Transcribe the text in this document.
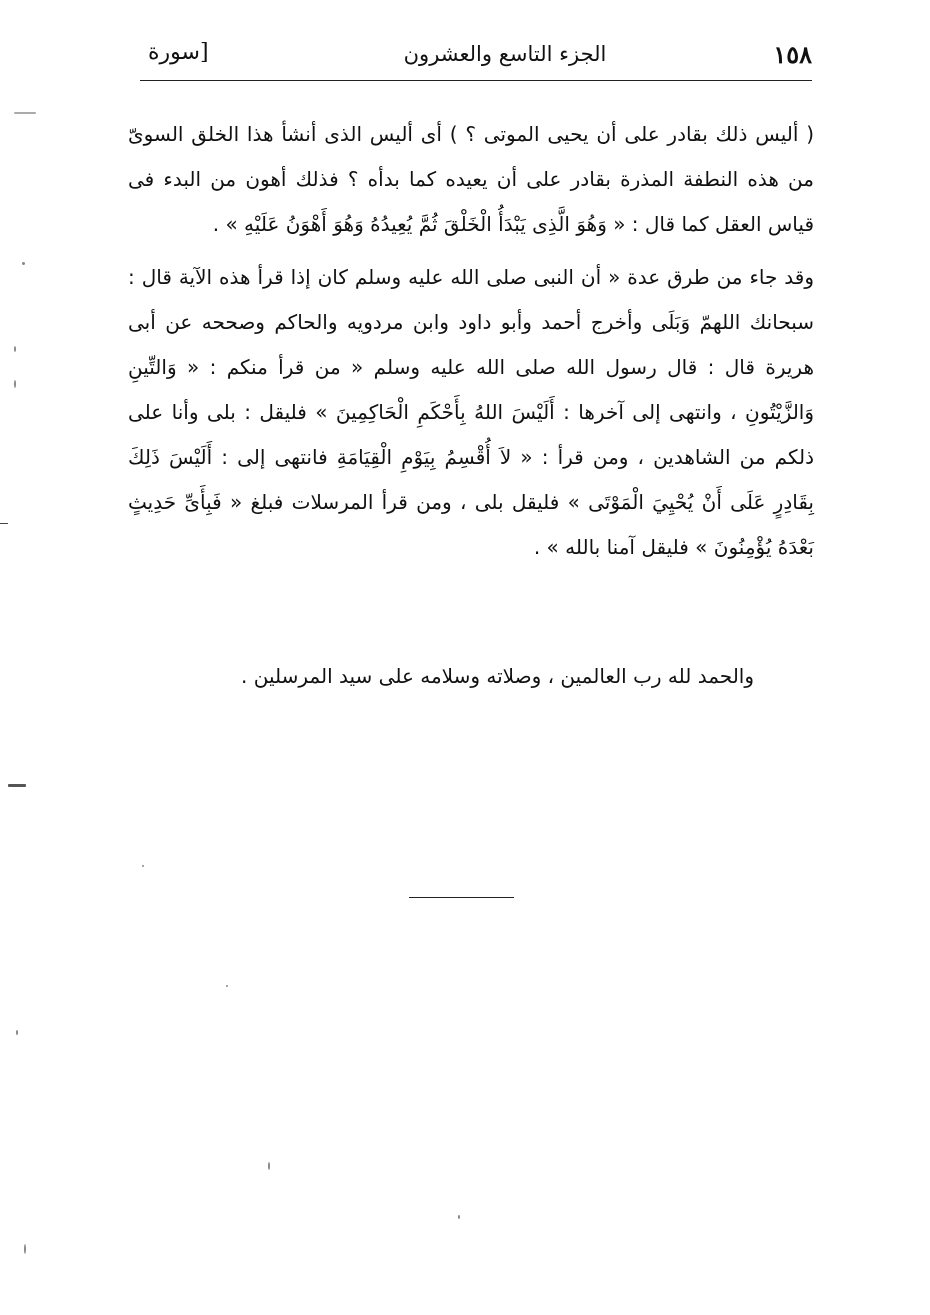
[سورة	الجزء التاسع والعشرون	١٥٨

( أليس ذلك بقادر على أن يحيى الموتى ؟ ) أى أليس الذى أنشأ هذا الخلق السوىّ من هذه النطفة المذرة بقادر على أن يعيده كما بدأه ؟ فذلك أهون من البدء فى قياس العقل كما قال : « وَهُوَ الَّذِى يَبْدَأُ الْخَلْقَ ثُمَّ يُعِيدُهُ وَهُوَ أَهْوَنُ عَلَيْهِ » .

وقد جاء من طرق عدة « أن النبى صلى الله عليه وسلم كان إذا قرأ هذه الآية قال : سبحانك اللهمّ وَبَلَى وأخرج أحمد وأبو داود وابن مردويه والحاكم وصححه عن أبى هريرة قال : قال رسول الله صلى الله عليه وسلم « من قرأ منكم : « وَالتِّينِ وَالزَّيْتُونِ ، وانتهى إلى آخرها : أَلَيْسَ اللهُ بِأَحْكَمِ الْحَاكِمِينَ » فليقل : بلى وأنا على ذلكم من الشاهدين ، ومن قرأ : « لاَ أُقْسِمُ بِيَوْمِ الْقِيَامَةِ فانتهى إلى : أَلَيْسَ ذَلِكَ بِقَادِرٍ عَلَى أَنْ يُحْيِيَ الْمَوْتَى » فليقل بلى ، ومن قرأ المرسلات فبلغ « فَبِأَىِّ حَدِيثٍ بَعْدَهُ يُؤْمِنُونَ » فليقل آمنا بالله » .

والحمد لله رب العالمين ، وصلاته وسلامه على سيد المرسلين .
